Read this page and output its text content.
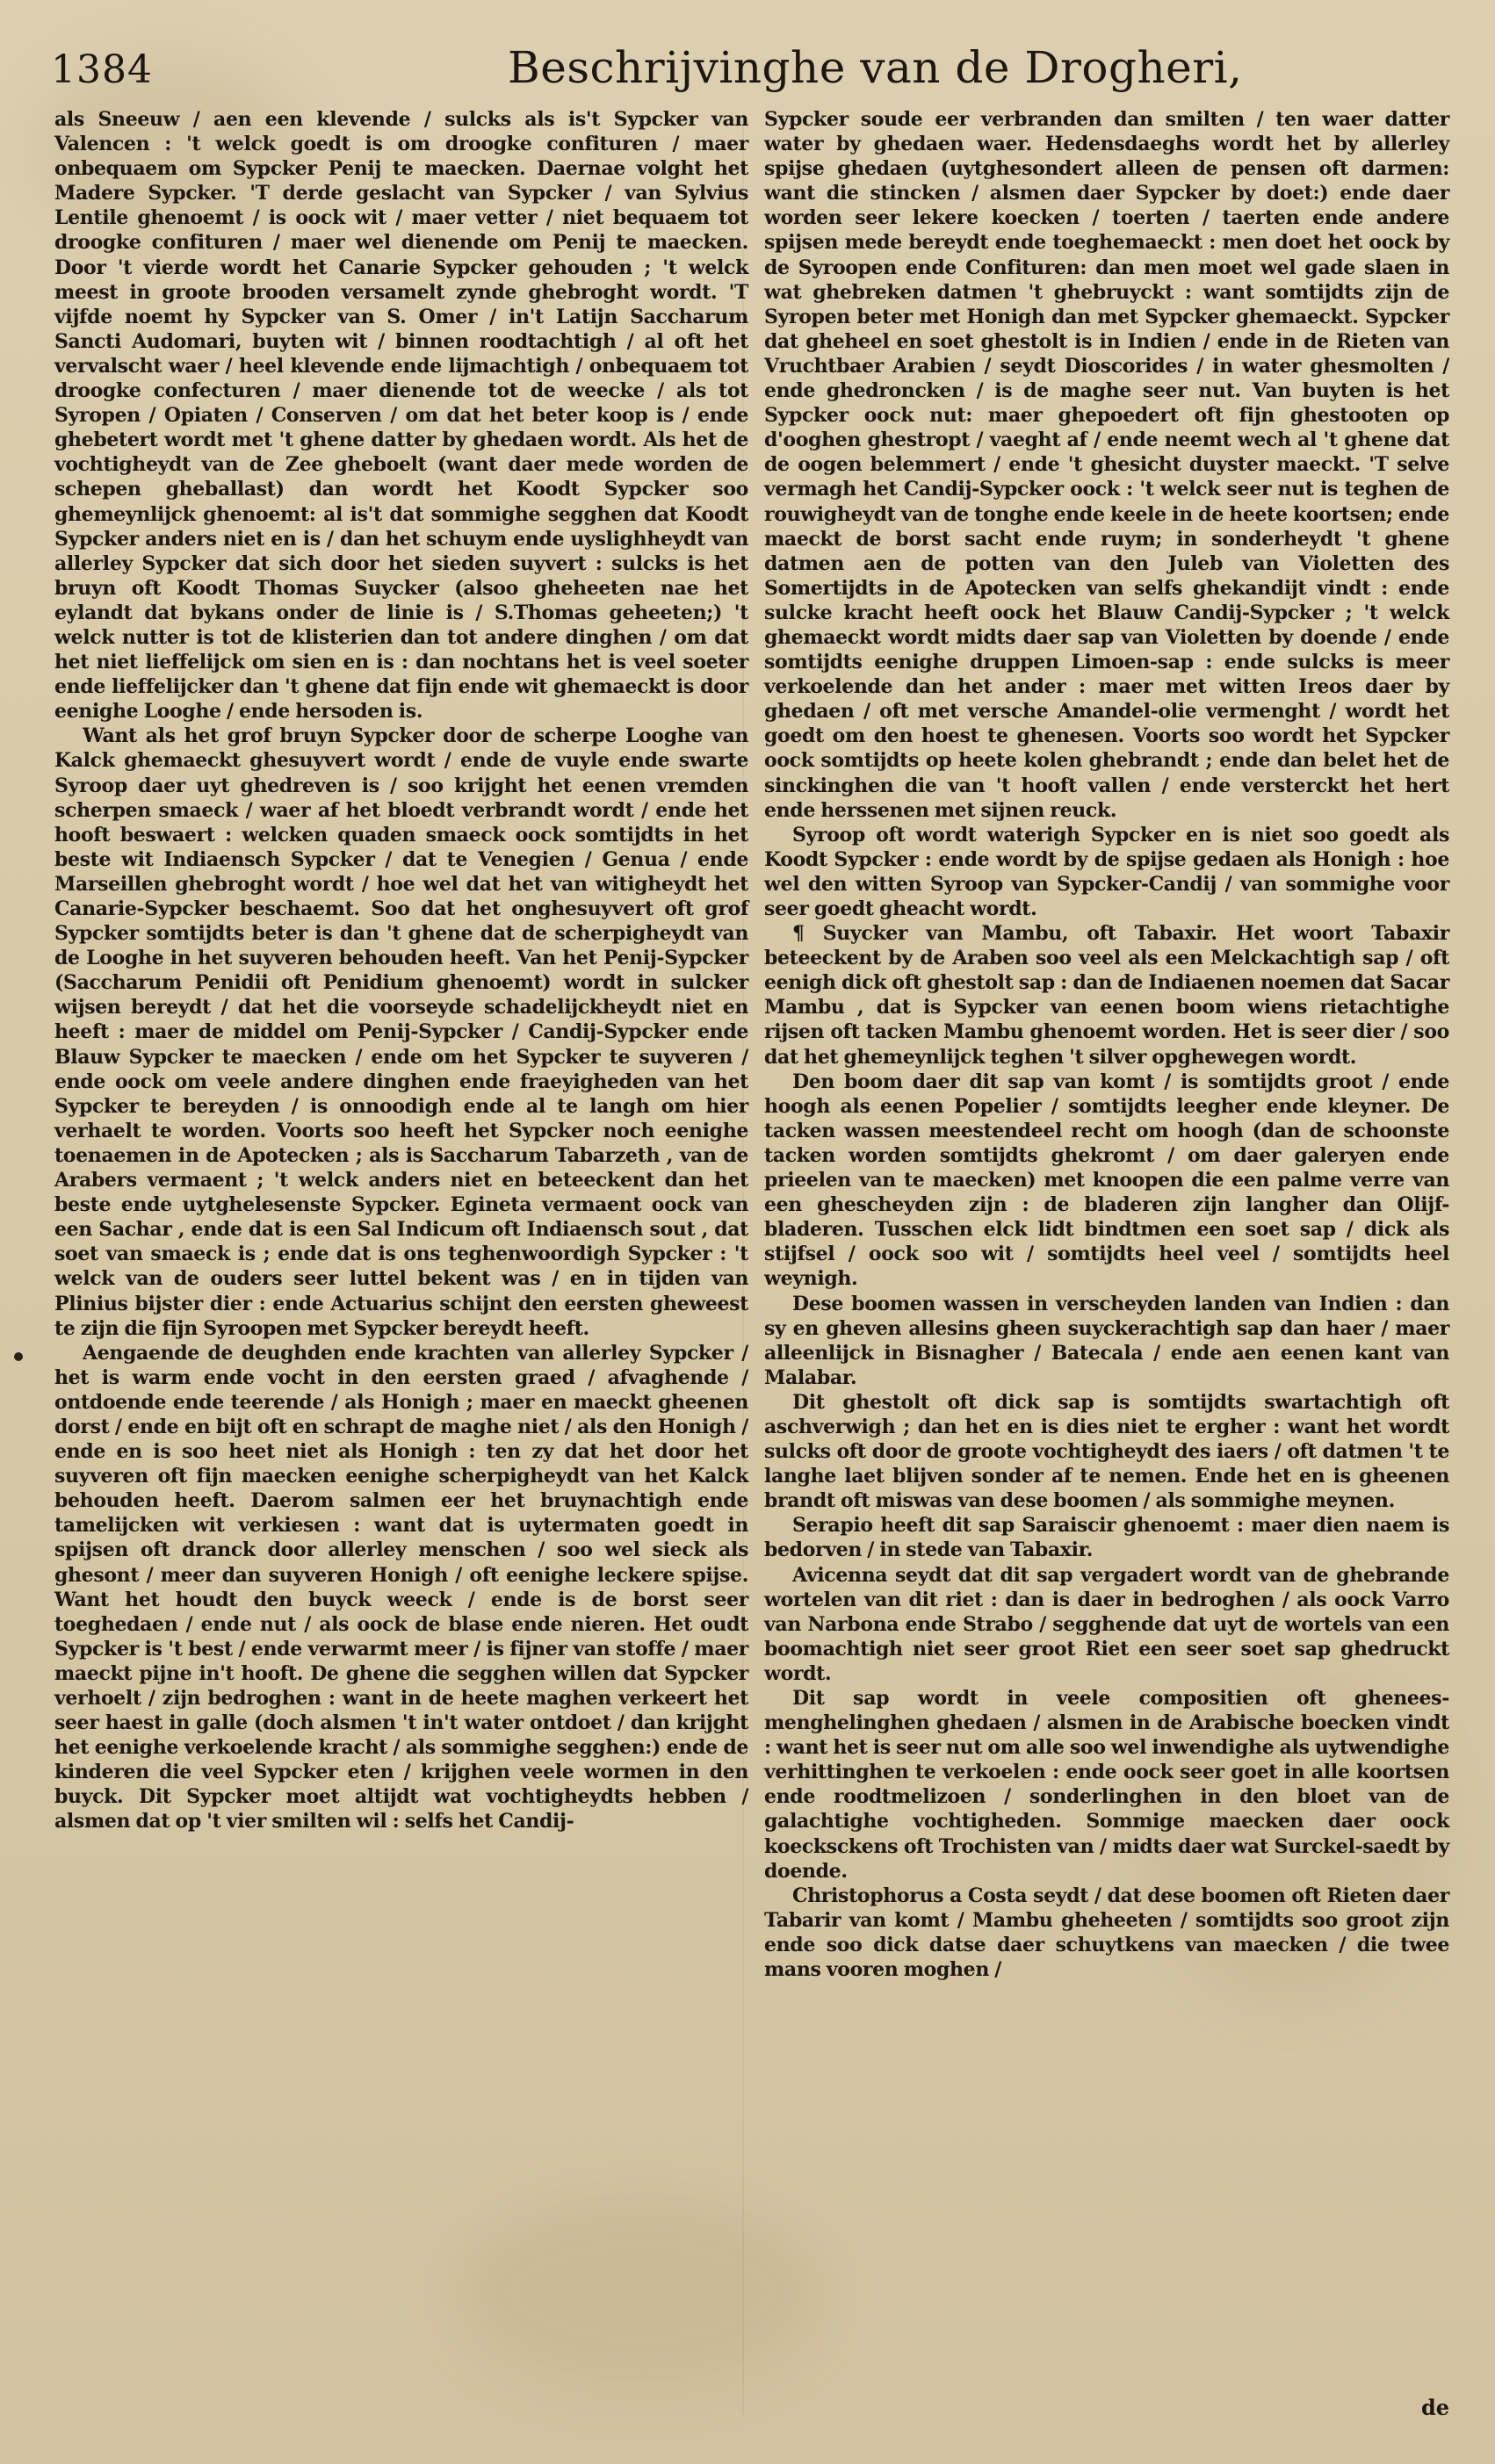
1384	Beschrijvinghe van de Drogheri,

als Sneeuw / aen een klevende / sulcks als is't Sypcker van Valencen : 't welck goedt is om droogke confituren / maer onbequaem om Sypcker Penij te maecken. Daernae volght het Madere Sypcker. 'T derde geslacht van Sypcker / van Sylvius Lentile ghenoemt / is oock wit / maer vetter / niet bequaem tot droogke confituren / maer wel dienende om Penij te maecken. Door 't vierde wordt het Canarie Sypcker gehouden ; 't welck meest in groote brooden versamelt zynde ghebroght wordt. 'T vijfde noemt hy Sypcker van S. Omer / in't Latijn Saccharum Sancti Audomari, buyten wit / binnen roodtachtigh / al oft het vervalscht waer / heel klevende ende lijmachtigh / onbequaem tot droogke confecturen / maer dienende tot de weecke / als tot Syropen / Opiaten / Conserven / om dat het beter koop is / ende ghebetert wordt met 't ghene datter by ghedaen wordt. Als het de vochtigheydt van de Zee gheboelt (want daer mede worden de schepen gheballast) dan wordt het Koodt Sypcker soo ghemeynlijck ghenoemt: al is't dat sommighe segghen dat Koodt Sypcker anders niet en is / dan het schuym ende uyslighheydt van allerley Sypcker dat sich door het sieden suyvert : sulcks is het bruyn oft Koodt Thomas Suycker (alsoo gheheeten nae het eylandt dat bykans onder de linie is / S.Thomas geheeten;) 't welck nutter is tot de klisterien dan tot andere dinghen / om dat het niet lieffelijck om sien en is : dan nochtans het is veel soeter ende lieffelijcker dan 't ghene dat fijn ende wit ghemaeckt is door eenighe Looghe / ende hersoden is.

Want als het grof bruyn Sypcker door de scherpe Looghe van Kalck ghemaeckt ghesuyvert wordt / ende de vuyle ende swarte Syroop daer uyt ghedreven is / soo krijght het eenen vremden scherpen smaeck / waer af het bloedt verbrandt wordt / ende het hooft beswaert : welcken quaden smaeck oock somtijdts in het beste wit Indiaensch Sypcker / dat te Venegien / Genua / ende Marseillen ghebroght wordt / hoe wel dat het van witigheydt het Canarie-Sypcker beschaemt. Soo dat het onghesuyvert oft grof Sypcker somtijdts beter is dan 't ghene dat de scherpigheydt van de Looghe in het suyveren behouden heeft. Van het Penij-Sypcker (Saccharum Penidii oft Penidium ghenoemt) wordt in sulcker wijsen bereydt / dat het die voorseyde schadelijckheydt niet en heeft : maer de middel om Penij-Sypcker / Candij-Sypcker ende Blauw Sypcker te maecken / ende om het Sypcker te suyveren / ende oock om veele andere dinghen ende fraeyigheden van het Sypcker te bereyden / is onnoodigh ende al te langh om hier verhaelt te worden. Voorts soo heeft het Sypcker noch eenighe toenaemen in de Apotecken ; als is Saccharum Tabarzeth , van de Arabers vermaent ; 't welck anders niet en beteeckent dan het beste ende uytghelesenste Sypcker. Egineta vermaent oock van een Sachar , ende dat is een Sal Indicum oft Indiaensch sout , dat soet van smaeck is ; ende dat is ons teghenwoordigh Sypcker : 't welck van de ouders seer luttel bekent was / en in tijden van Plinius bijster dier : ende Actuarius schijnt den eersten gheweest te zijn die fijn Syroopen met Sypcker bereydt heeft.

Aengaende de deughden ende krachten van allerley Sypcker / het is warm ende vocht in den eersten graed / afvaghende / ontdoende ende teerende / als Honigh ; maer en maeckt gheenen dorst / ende en bijt oft en schrapt de maghe niet / als den Honigh / ende en is soo heet niet als Honigh : ten zy dat het door het suyveren oft fijn maecken eenighe scherpigheydt van het Kalck behouden heeft. Daerom salmen eer het bruynachtigh ende tamelijcken wit verkiesen : want dat is uytermaten goedt in spijsen oft dranck door allerley menschen / soo wel sieck als ghesont / meer dan suyveren Honigh / oft eenighe leckere spijse. Want het houdt den buyck weeck / ende is de borst seer toeghedaen / ende nut / als oock de blase ende nieren. Het oudt Sypcker is 't best / ende verwarmt meer / is fijner van stoffe / maer maeckt pijne in't hooft. De ghene die segghen willen dat Sypcker verhoelt / zijn bedroghen : want in de heete maghen verkeert het seer haest in galle (doch alsmen 't in't water ontdoet / dan krijght het eenighe verkoelende kracht / als sommighe segghen:) ende de kinderen die veel Sypcker eten / krijghen veele wormen in den buyck. Dit Sypcker moet altijdt wat vochtigheydts hebben / alsmen dat op 't vier smilten wil : selfs het Candij-

Sypcker soude eer verbranden dan smilten / ten waer datter water by ghedaen waer. Hedensdaeghs wordt het by allerley spijse ghedaen (uytghesondert alleen de pensen oft darmen: want die stincken / alsmen daer Sypcker by doet:) ende daer worden seer lekere koecken / toerten / taerten ende andere spijsen mede bereydt ende toeghemaeckt : men doet het oock by de Syroopen ende Confituren: dan men moet wel gade slaen in wat ghebreken datmen 't ghebruyckt : want somtijdts zijn de Syropen beter met Honigh dan met Sypcker ghemaeckt. Sypcker dat gheheel en soet ghestolt is in Indien / ende in de Rieten van Vruchtbaer Arabien / seydt Dioscorides / in water ghesmolten / ende ghedroncken / is de maghe seer nut. Van buyten is het Sypcker oock nut: maer ghepoedert oft fijn ghestooten op d'ooghen ghestropt / vaeght af / ende neemt wech al 't ghene dat de oogen belemmert / ende 't ghesicht duyster maeckt. 'T selve vermagh het Candij-Sypcker oock : 't welck seer nut is teghen de rouwigheydt van de tonghe ende keele in de heete koortsen; ende maeckt de borst sacht ende ruym; in sonderheydt 't ghene datmen aen de potten van den Juleb van Violetten des Somertijdts in de Apotecken van selfs ghekandijt vindt : ende sulcke kracht heeft oock het Blauw Candij-Sypcker ; 't welck ghemaeckt wordt midts daer sap van Violetten by doende / ende somtijdts eenighe druppen Limoen-sap : ende sulcks is meer verkoelende dan het ander : maer met witten Ireos daer by ghedaen / oft met versche Amandel-olie vermenght / wordt het goedt om den hoest te ghenesen. Voorts soo wordt het Sypcker oock somtijdts op heete kolen ghebrandt ; ende dan belet het de sinckinghen die van 't hooft vallen / ende versterckt het hert ende herssenen met sijnen reuck.

Syroop oft wordt waterigh Sypcker en is niet soo goedt als Koodt Sypcker : ende wordt by de spijse gedaen als Honigh : hoe wel den witten Syroop van Sypcker-Candij / van sommighe voor seer goedt gheacht wordt.

¶ Suycker van Mambu, oft Tabaxir. Het woort Tabaxir beteeckent by de Araben soo veel als een Melckachtigh sap / oft eenigh dick oft ghestolt sap : dan de Indiaenen noemen dat Sacar Mambu , dat is Sypcker van eenen boom wiens rietachtighe rijsen oft tacken Mambu ghenoemt worden. Het is seer dier / soo dat het ghemeynlijck teghen 't silver opghewegen wordt.

Den boom daer dit sap van komt / is somtijdts groot / ende hoogh als eenen Popelier / somtijdts leegher ende kleyner. De tacken wassen meestendeel recht om hoogh (dan de schoonste tacken worden somtijdts ghekromt / om daer galeryen ende prieelen van te maecken) met knoopen die een palme verre van een ghescheyden zijn : de bladeren zijn langher dan Olijf-bladeren. Tusschen elck lidt bindtmen een soet sap / dick als stijfsel / oock soo wit / somtijdts heel veel / somtijdts heel weynigh.

Dese boomen wassen in verscheyden landen van Indien : dan sy en gheven allesins gheen suyckerachtigh sap dan haer / maer alleenlijck in Bisnagher / Batecala / ende aen eenen kant van Malabar.

Dit ghestolt oft dick sap is somtijdts swartachtigh oft aschverwigh ; dan het en is dies niet te ergher : want het wordt sulcks oft door de groote vochtigheydt des iaers / oft datmen 't te langhe laet blijven sonder af te nemen. Ende het en is gheenen brandt oft miswas van dese boomen / als sommighe meynen.

Serapio heeft dit sap Saraiscir ghenoemt : maer dien naem is bedorven / in stede van Tabaxir.

Avicenna seydt dat dit sap vergadert wordt van de ghebrande wortelen van dit riet : dan is daer in bedroghen / als oock Varro van Narbona ende Strabo / segghende dat uyt de wortels van een boomachtigh niet seer groot Riet een seer soet sap ghedruckt wordt.

Dit sap wordt in veele compositien oft ghenees-menghelinghen ghedaen / alsmen in de Arabische boecken vindt : want het is seer nut om alle soo wel inwendighe als uytwendighe verhittinghen te verkoelen : ende oock seer goet in alle koortsen ende roodtmelizoen / sonderlinghen in den bloet van de galachtighe vochtigheden. Sommige maecken daer oock koecksckens oft Trochisten van / midts daer wat Surckel-saedt by doende.

Christophorus a Costa seydt / dat dese boomen oft Rieten daer Tabarir van komt / Mambu gheheeten / somtijdts soo groot zijn ende soo dick datse daer schuytkens van maecken / die twee mans vooren moghen /

de
